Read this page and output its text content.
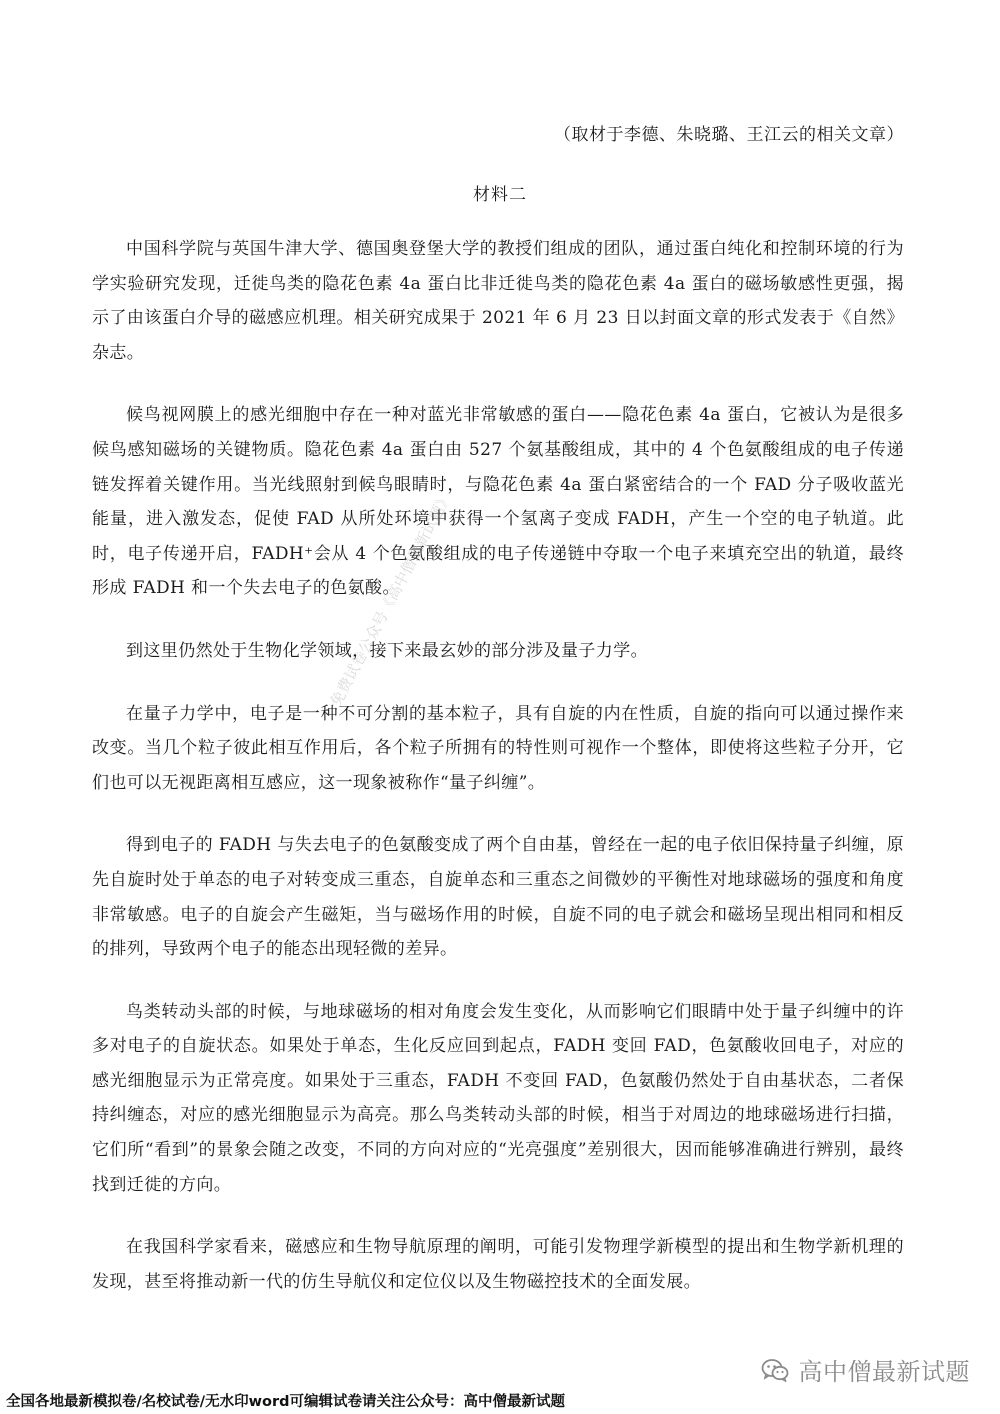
（取材于李德、朱晓璐、王江云的相关文章）
材料二

中国科学院与英国牛津大学、德国奥登堡大学的教授们组成的团队，通过蛋白纯化和控制环境的行为学实验研究发现，迁徙鸟类的隐花色素 4a 蛋白比非迁徙鸟类的隐花色素 4a 蛋白的磁场敏感性更强，揭示了由该蛋白介导的磁感应机理。相关研究成果于 2021 年 6 月 23 日以封面文章的形式发表于《自然》杂志。

候鸟视网膜上的感光细胞中存在一种对蓝光非常敏感的蛋白——隐花色素 4a 蛋白，它被认为是很多候鸟感知磁场的关键物质。隐花色素 4a 蛋白由 527 个氨基酸组成，其中的 4 个色氨酸组成的电子传递链发挥着关键作用。当光线照射到候鸟眼睛时，与隐花色素 4a 蛋白紧密结合的一个 FAD 分子吸收蓝光能量，进入激发态，促使 FAD 从所处环境中获得一个氢离子变成 FADH，产生一个空的电子轨道。此时，电子传递开启，FADH⁺会从 4 个色氨酸组成的电子传递链中夺取一个电子来填充空出的轨道，最终形成 FADH 和一个失去电子的色氨酸。

到这里仍然处于生物化学领域，接下来最玄妙的部分涉及量子力学。

在量子力学中，电子是一种不可分割的基本粒子，具有自旋的内在性质，自旋的指向可以通过操作来改变。当几个粒子彼此相互作用后，各个粒子所拥有的特性则可视作一个整体，即使将这些粒子分开，它们也可以无视距离相互感应，这一现象被称作“量子纠缠”。

得到电子的 FADH 与失去电子的色氨酸变成了两个自由基，曾经在一起的电子依旧保持量子纠缠，原先自旋时处于单态的电子对转变成三重态，自旋单态和三重态之间微妙的平衡性对地球磁场的强度和角度非常敏感。电子的自旋会产生磁矩，当与磁场作用的时候，自旋不同的电子就会和磁场呈现出相同和相反的排列，导致两个电子的能态出现轻微的差异。

鸟类转动头部的时候，与地球磁场的相对角度会发生变化，从而影响它们眼睛中处于量子纠缠中的许多对电子的自旋状态。如果处于单态，生化反应回到起点，FADH 变回 FAD，色氨酸收回电子，对应的感光细胞显示为正常亮度。如果处于三重态，FADH 不变回 FAD，色氨酸仍然处于自由基状态，二者保持纠缠态，对应的感光细胞显示为高亮。那么鸟类转动头部的时候，相当于对周边的地球磁场进行扫描，它们所“看到”的景象会随之改变，不同的方向对应的“光亮强度”差别很大，因而能够准确进行辨别，最终找到迁徙的方向。

在我国科学家看来，磁感应和生物导航原理的阐明，可能引发物理学新模型的提出和生物学新机理的发现，甚至将推动新一代的仿生导航仪和定位仪以及生物磁控技术的全面发展。

免费试卷公众号《高中僧最新试题》
高中僧最新试题
全国各地最新模拟卷/名校试卷/无水印word可编辑试卷请关注公众号：高中僧最新试题
